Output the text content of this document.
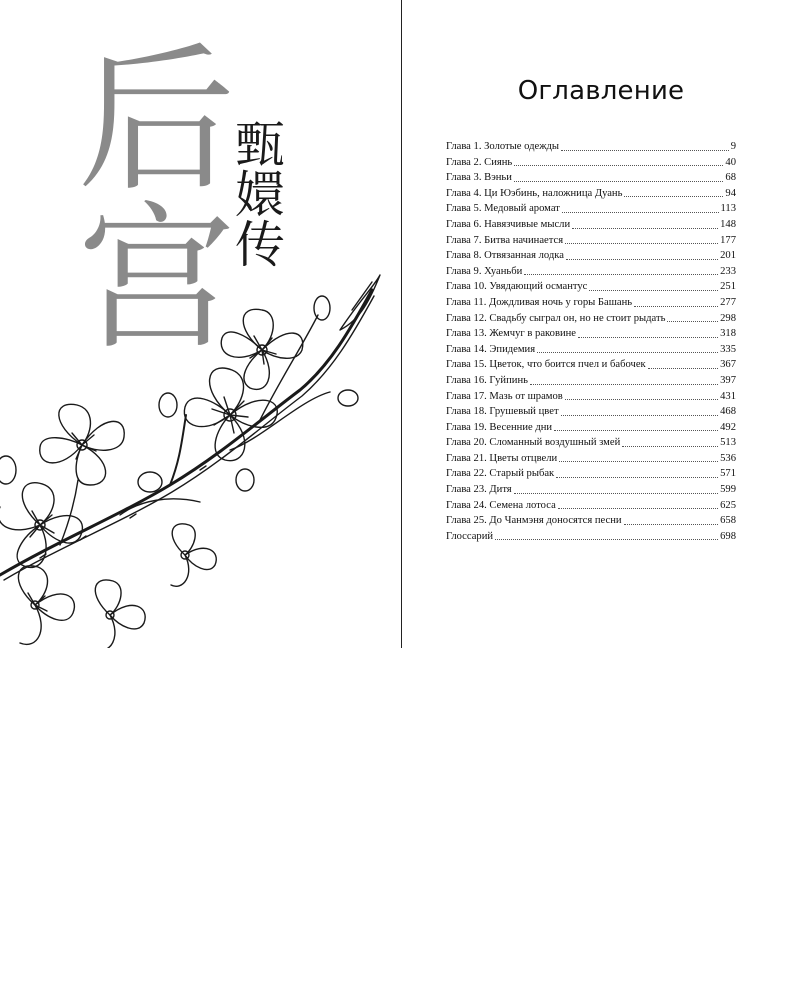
后宫
甄嬛传
Оглавление
Глава 1. Золотые одежды	9
Глава 2. Сиянь	40
Глава 3. Вэньи	68
Глава 4. Ци Юэбинь, наложница Дуань	94
Глава 5. Медовый аромат	113
Глава 6. Навязчивые мысли	148
Глава 7. Битва начинается	177
Глава 8. Отвязанная лодка	201
Глава 9. Хуаньби	233
Глава 10. Увядающий османтус	251
Глава 11. Дождливая ночь у горы Башань	277
Глава 12. Свадьбу сыграл он, но не стоит рыдать	298
Глава 13. Жемчуг в раковине	318
Глава 14. Эпидемия	335
Глава 15. Цветок, что боится пчел и бабочек	367
Глава 16. Гуйпинь	397
Глава 17. Мазь от шрамов	431
Глава 18. Грушевый цвет	468
Глава 19. Весенние дни	492
Глава 20. Сломанный воздушный змей	513
Глава 21. Цветы отцвели	536
Глава 22. Старый рыбак	571
Глава 23. Дитя	599
Глава 24. Семена лотоса	625
Глава 25. До Чанмэня доносятся песни	658
Глоссарий	698
